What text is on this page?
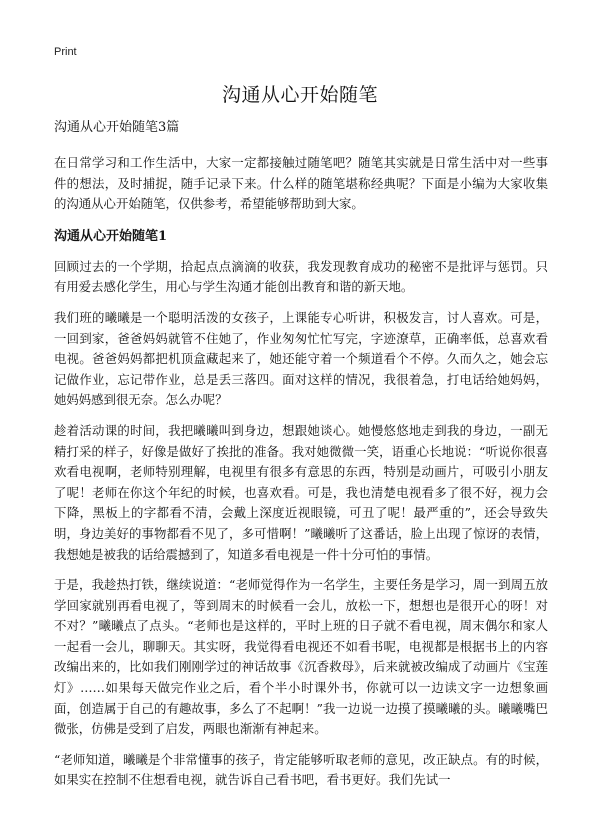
Print
沟通从心开始随笔
沟通从心开始随笔3篇

在日常学习和工作生活中，大家一定都接触过随笔吧？随笔其实就是日常生活中对一些事件的想法，及时捕捉，随手记录下来。什么样的随笔堪称经典呢？下面是小编为大家收集的沟通从心开始随笔，仅供参考，希望能够帮助到大家。

沟通从心开始随笔1

回顾过去的一个学期，拾起点点滴滴的收获，我发现教育成功的秘密不是批评与惩罚。只有用爱去感化学生，用心与学生沟通才能创出教育和谐的新天地。

我们班的曦曦是一个聪明活泼的女孩子，上课能专心听讲，积极发言，讨人喜欢。可是，一回到家，爸爸妈妈就管不住她了，作业匆匆忙忙写完，字迹潦草，正确率低，总喜欢看电视。爸爸妈妈都把机顶盒藏起来了，她还能守着一个频道看个不停。久而久之，她会忘记做作业，忘记带作业，总是丢三落四。面对这样的情况，我很着急，打电话给她妈妈，她妈妈感到很无奈。怎么办呢？

趁着活动课的时间，我把曦曦叫到身边，想跟她谈心。她慢悠悠地走到我的身边，一副无精打采的样子，好像是做好了挨批的准备。我对她微微一笑，语重心长地说：“听说你很喜欢看电视啊，老师特别理解，电视里有很多有意思的东西，特别是动画片，可吸引小朋友了呢！老师在你这个年纪的时候，也喜欢看。可是，我也清楚电视看多了很不好，视力会下降，黑板上的字都看不清，会戴上深度近视眼镜，可丑了呢！最严重的”，还会导致失明，身边美好的事物都看不见了，多可惜啊！”曦曦听了这番话，脸上出现了惊讶的表情，我想她是被我的话给震撼到了，知道多看电视是一件十分可怕的事情。

于是，我趁热打铁，继续说道：“老师觉得作为一名学生，主要任务是学习，周一到周五放学回家就别再看电视了，等到周末的时候看一会儿，放松一下，想想也是很开心的呀！对不对？”曦曦点了点头。“老师也是这样的，平时上班的日子就不看电视，周末偶尔和家人一起看一会儿，聊聊天。其实呀，我觉得看电视还不如看书呢，电视都是根据书上的内容改编出来的，比如我们刚刚学过的神话故事《沉香救母》，后来就被改编成了动画片《宝莲灯》……如果每天做完作业之后，看个半小时课外书，你就可以一边读文字一边想象画面，创造属于自己的有趣故事，多么了不起啊！”我一边说一边摸了摸曦曦的头。曦曦嘴巴微张，仿佛是受到了启发，两眼也渐渐有神起来。

“老师知道，曦曦是个非常懂事的孩子，肯定能够听取老师的意见，改正缺点。有的时候，如果实在控制不住想看电视，就告诉自己看书吧，看书更好。我们先试一
